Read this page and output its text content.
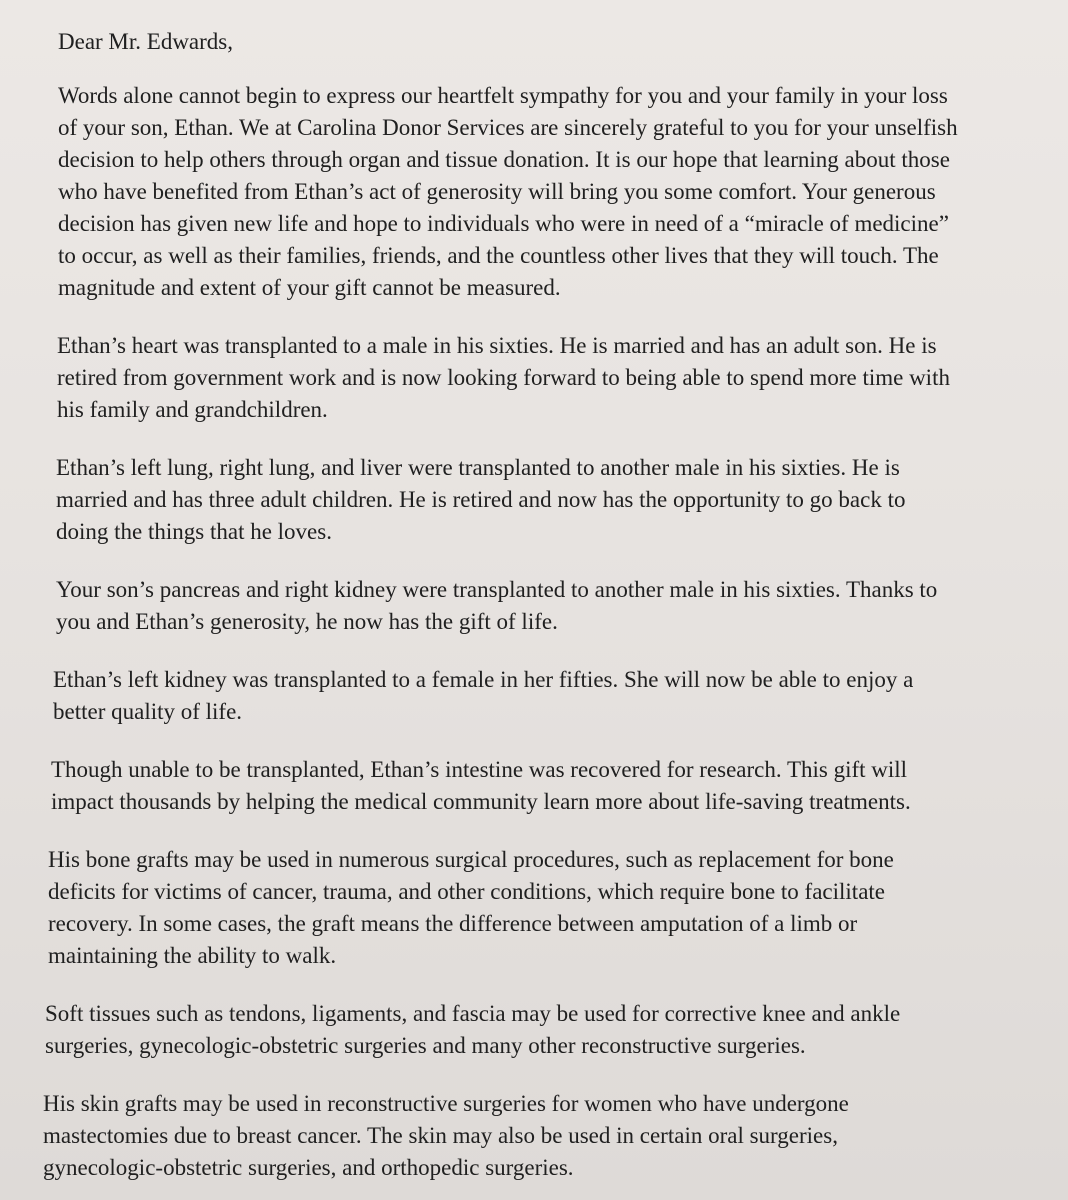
Dear Mr. Edwards,

Words alone cannot begin to express our heartfelt sympathy for you and your family in your loss
of your son, Ethan. We at Carolina Donor Services are sincerely grateful to you for your unselfish
decision to help others through organ and tissue donation. It is our hope that learning about those
who have benefited from Ethan’s act of generosity will bring you some comfort. Your generous
decision has given new life and hope to individuals who were in need of a “miracle of medicine”
to occur, as well as their families, friends, and the countless other lives that they will touch. The
magnitude and extent of your gift cannot be measured.

Ethan’s heart was transplanted to a male in his sixties. He is married and has an adult son. He is
retired from government work and is now looking forward to being able to spend more time with
his family and grandchildren.

Ethan’s left lung, right lung, and liver were transplanted to another male in his sixties. He is
married and has three adult children. He is retired and now has the opportunity to go back to
doing the things that he loves.

Your son’s pancreas and right kidney were transplanted to another male in his sixties. Thanks to
you and Ethan’s generosity, he now has the gift of life.

Ethan’s left kidney was transplanted to a female in her fifties. She will now be able to enjoy a
better quality of life.

Though unable to be transplanted, Ethan’s intestine was recovered for research. This gift will
impact thousands by helping the medical community learn more about life-saving treatments.

His bone grafts may be used in numerous surgical procedures, such as replacement for bone
deficits for victims of cancer, trauma, and other conditions, which require bone to facilitate
recovery. In some cases, the graft means the difference between amputation of a limb or
maintaining the ability to walk.

Soft tissues such as tendons, ligaments, and fascia may be used for corrective knee and ankle
surgeries, gynecologic-obstetric surgeries and many other reconstructive surgeries.

His skin grafts may be used in reconstructive surgeries for women who have undergone
mastectomies due to breast cancer. The skin may also be used in certain oral surgeries,
gynecologic-obstetric surgeries, and orthopedic surgeries.
